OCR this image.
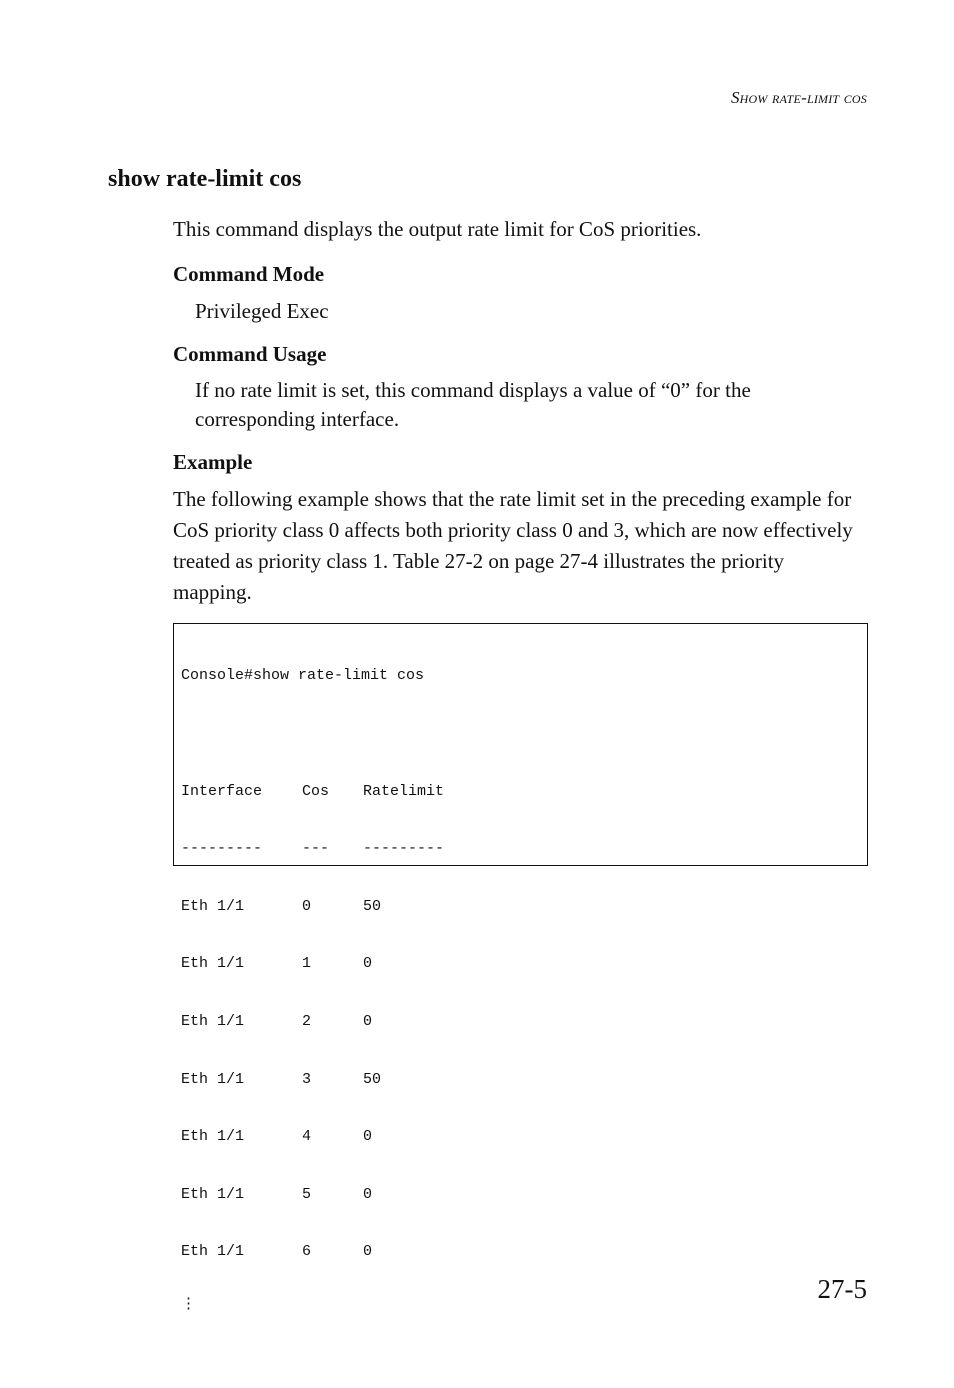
Show rate-limit cos
show rate-limit cos

This command displays the output rate limit for CoS priorities.

Command Mode

Privileged Exec

Command Usage

If no rate limit is set, this command displays a value of “0” for the corresponding interface.

Example

The following example shows that the rate limit set in the preceding example for CoS priority class 0 affects both priority class 0 and 3, which are now effectively treated as priority class 1. Table 27-2 on page 27-4 illustrates the priority mapping.

Console#show rate-limit cos

Interface	Cos Ratelimit

---------	--- ---------

Eth 1/1	0	50

Eth 1/1	1	0

Eth 1/1	2	0

Eth 1/1	3	50

Eth 1/1	4	0

Eth 1/1	5	0

Eth 1/1	6	0

⋮

27-5
